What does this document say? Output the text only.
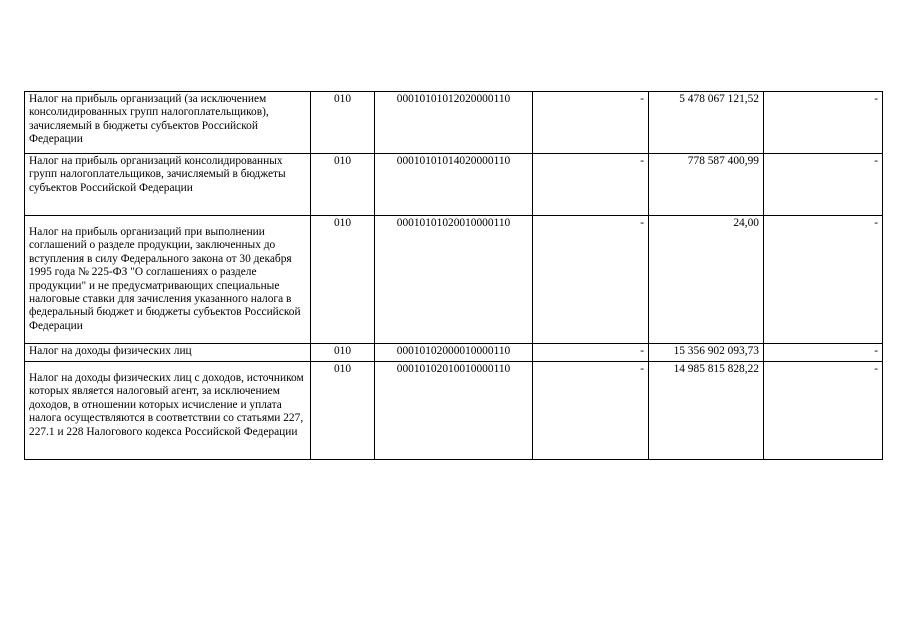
Налог на прибыль организаций (за исключением консолидированных групп налогоплательщиков), зачисляемый в бюджеты субъектов Российской Федерации	010	00010101012020000110	-	5 478 067 121,52	-
Налог на прибыль организаций консолидированных групп налогоплательщиков, зачисляемый в бюджеты субъектов Российской Федерации	010	00010101014020000110	-	778 587 400,99	-
Налог на прибыль организаций при выполнении соглашений о разделе продукции, заключенных до вступления в силу Федерального закона от 30 декабря 1995 года № 225-ФЗ "О соглашениях о разделе продукции" и не предусматривающих специальные налоговые ставки для зачисления указанного налога в федеральный бюджет и бюджеты субъектов Российской Федерации	010	00010101020010000110	-	24,00	-
Налог на доходы физических лиц	010	00010102000010000110	-	15 356 902 093,73	-
Налог на доходы физических лиц с доходов, источником которых является налоговый агент, за исключением доходов, в отношении которых исчисление и уплата налога осуществляются в соответствии со статьями 227, 227.1 и 228 Налогового кодекса Российской Федерации	010	00010102010010000110	-	14 985 815 828,22	-
